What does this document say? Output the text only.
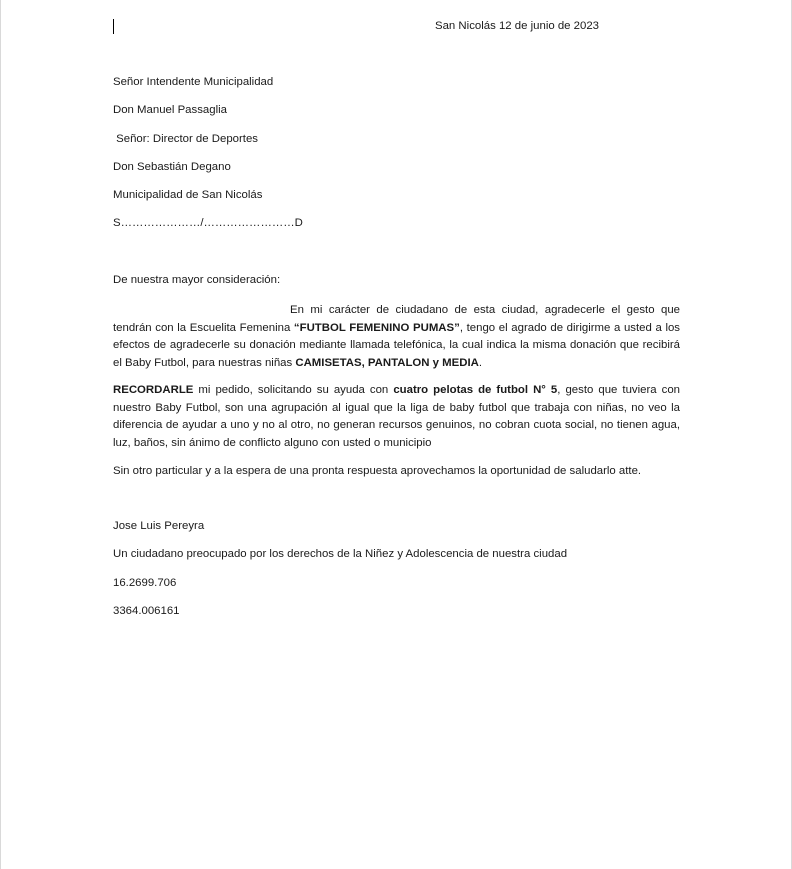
San Nicolás 12 de junio de 2023
Señor Intendente Municipalidad
Don Manuel Passaglia
Señor: Director de Deportes
Don Sebastián Degano
Municipalidad de San Nicolás
S…………………/……………………D
De nuestra mayor consideración:

En mi carácter de ciudadano de esta ciudad, agradecerle el gesto que tendrán con la Escuelita Femenina “FUTBOL FEMENINO PUMAS”, tengo el agrado de dirigirme a usted a los efectos de agradecerle su donación mediante llamada telefónica, la cual indica la misma donación que recibirá el Baby Futbol, para nuestras niñas CAMISETAS, PANTALON y MEDIA.

RECORDARLE mi pedido, solicitando su ayuda con cuatro pelotas de futbol N° 5, gesto que tuviera con nuestro Baby Futbol, son una agrupación al igual que la liga de baby futbol que trabaja con niñas, no veo la diferencia de ayudar a uno y no al otro, no generan recursos genuinos, no cobran cuota social, no tienen agua, luz, baños, sin ánimo de conflicto alguno con usted o municipio

Sin otro particular y a la espera de una pronta respuesta aprovechamos la oportunidad de saludarlo atte.

Jose Luis Pereyra
Un ciudadano preocupado por los derechos de la Niñez y Adolescencia de nuestra ciudad
16.2699.706
3364.006161
